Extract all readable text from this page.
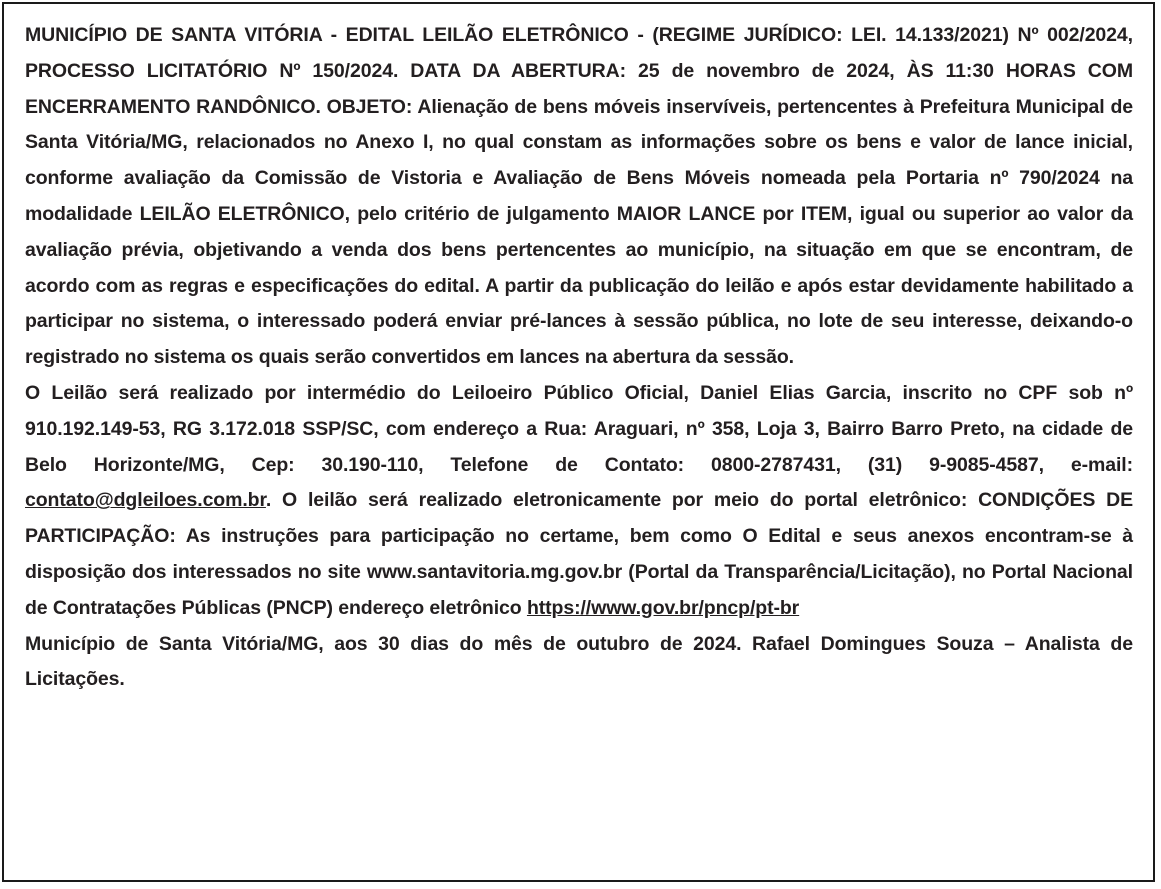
MUNICÍPIO DE SANTA VITÓRIA - EDITAL LEILÃO ELETRÔNICO - (REGIME JURÍDICO: LEI. 14.133/2021) Nº 002/2024, PROCESSO LICITATÓRIO Nº 150/2024. DATA DA ABERTURA: 25 de novembro de 2024, ÀS 11:30 HORAS COM ENCERRAMENTO RANDÔNICO. OBJETO: Alienação de bens móveis inservíveis, pertencentes à Prefeitura Municipal de Santa Vitória/MG, relacionados no Anexo I, no qual constam as informações sobre os bens e valor de lance inicial, conforme avaliação da Comissão de Vistoria e Avaliação de Bens Móveis nomeada pela Portaria nº 790/2024 na modalidade LEILÃO ELETRÔNICO, pelo critério de julgamento MAIOR LANCE por ITEM, igual ou superior ao valor da avaliação prévia, objetivando a venda dos bens pertencentes ao município, na situação em que se encontram, de acordo com as regras e especificações do edital. A partir da publicação do leilão e após estar devidamente habilitado a participar no sistema, o interessado poderá enviar pré-lances à sessão pública, no lote de seu interesse, deixando-o registrado no sistema os quais serão convertidos em lances na abertura da sessão.

O Leilão será realizado por intermédio do Leiloeiro Público Oficial, Daniel Elias Garcia, inscrito no CPF sob nº 910.192.149-53, RG 3.172.018 SSP/SC, com endereço a Rua: Araguari, nº 358, Loja 3, Bairro Barro Preto, na cidade de Belo Horizonte/MG, Cep: 30.190-110, Telefone de Contato: 0800-2787431, (31) 9-9085-4587, e-mail: contato@dgleiloes.com.br. O leilão será realizado eletronicamente por meio do portal eletrônico: CONDIÇÕES DE PARTICIPAÇÃO: As instruções para participação no certame, bem como O Edital e seus anexos encontram-se à disposição dos interessados no site www.santavitoria.mg.gov.br (Portal da Transparência/Licitação), no Portal Nacional de Contratações Públicas (PNCP) endereço eletrônico https://www.gov.br/pncp/pt-br

Município de Santa Vitória/MG, aos 30 dias do mês de outubro de 2024. Rafael Domingues Souza – Analista de Licitações.
